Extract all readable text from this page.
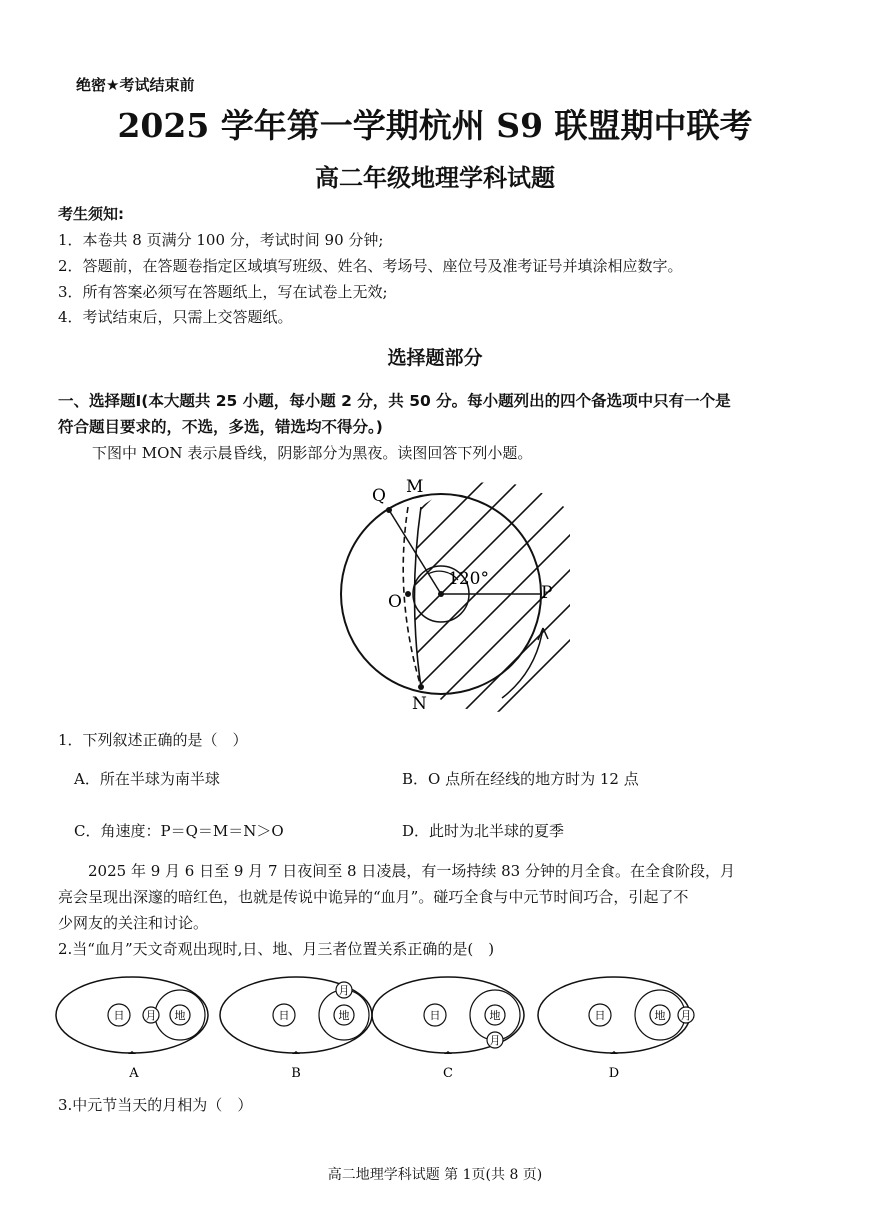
绝密★考试结束前
2025 学年第一学期杭州 S9 联盟期中联考
高二年级地理学科试题
考生须知:
1．本卷共 8 页满分 100 分，考试时间 90 分钟;
2．答题前，在答题卷指定区域填写班级、姓名、考场号、座位号及准考证号并填涂相应数字。
3．所有答案必须写在答题纸上，写在试卷上无效;
4．考试结束后，只需上交答题纸。
选择题部分
一、选择题Ⅰ(本大题共 25 小题，每小题 2 分，共 50 分。每小题列出的四个备选项中只有一个是
符合题目要求的，不选，多选，错选均不得分。)
下图中 MON 表示晨昏线，阴影部分为黑夜。读图回答下列小题。
Q M
O	P
N
120°
1．下列叙述正确的是（　）
A．所在半球为南半球	B．O 点所在经线的地方时为 12 点
C．角速度：P＝Q＝M＝N＞O	D．此时为北半球的夏季
2025 年 9 月 6 日至 9 月 7 日夜间至 8 日凌晨，有一场持续 83 分钟的月全食。在全食阶段，月
亮会呈现出深邃的暗红色，也就是传说中诡异的“血月”。碰巧全食与中元节时间巧合，引起了不
少网友的关注和讨论。
2.当“血月”天文奇观出现时,日、地、月三者位置关系正确的是(　)
日	地
月
A
日	地
月
B
日	地
月
C
日	地 月
D
3.中元节当天的月相为（　）
高二地理学科试题 第 1页(共 8 页)
